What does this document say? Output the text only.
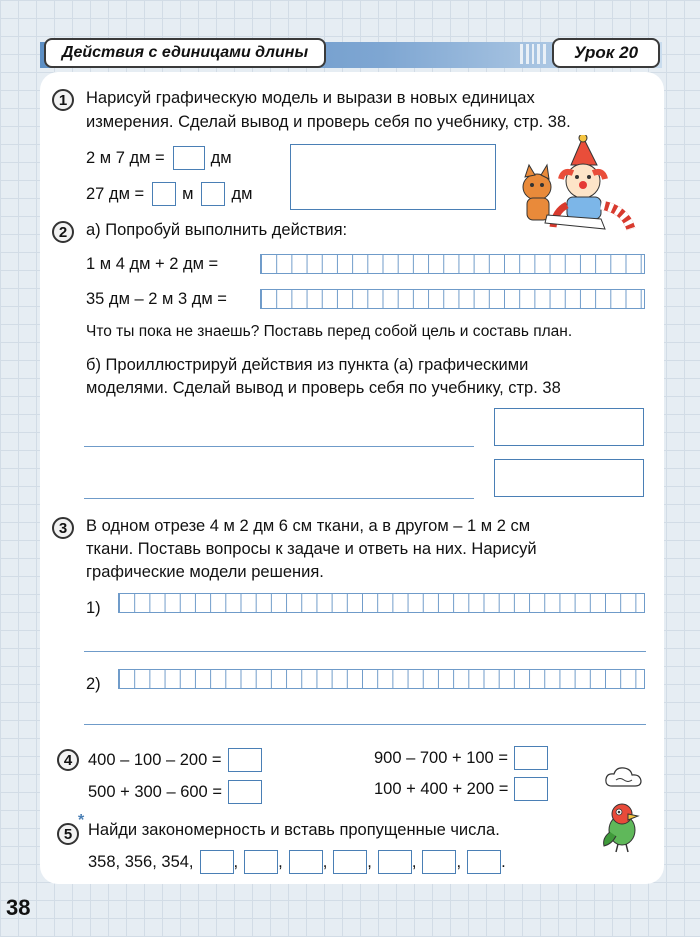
Действия с единицами длины	Урок 20
1	Нарисуй графическую модель и вырази в новых единицах
измерения. Сделай вывод и проверь себя по учебнику, стр. 38.
2 м 7 дм =	дм
27 дм = м дм
2	а) Попробуй выполнить действия:
1 м 4 дм + 2 дм =
35 дм – 2 м 3 дм =
Что ты пока не знаешь? Поставь перед собой цель и составь план.
б) Проиллюстрируй действия из пункта (а) графическими
моделями. Сделай вывод и проверь себя по учебнику, стр. 38
3	В одном отрезе 4 м 2 дм 6 см ткани, а в другом – 1 м 2 см
ткани. Поставь вопросы к задаче и ответь на них. Нарисуй
графические модели решения.
1)
2)
4 400 – 100 – 200 =	900 – 700 + 100 =
500 + 300 – 600 =	100 + 400 + 200 =
5
*
Найди закономерность и вставь пропущенные числа.
358, 356, 354, , , , , , , .
38
